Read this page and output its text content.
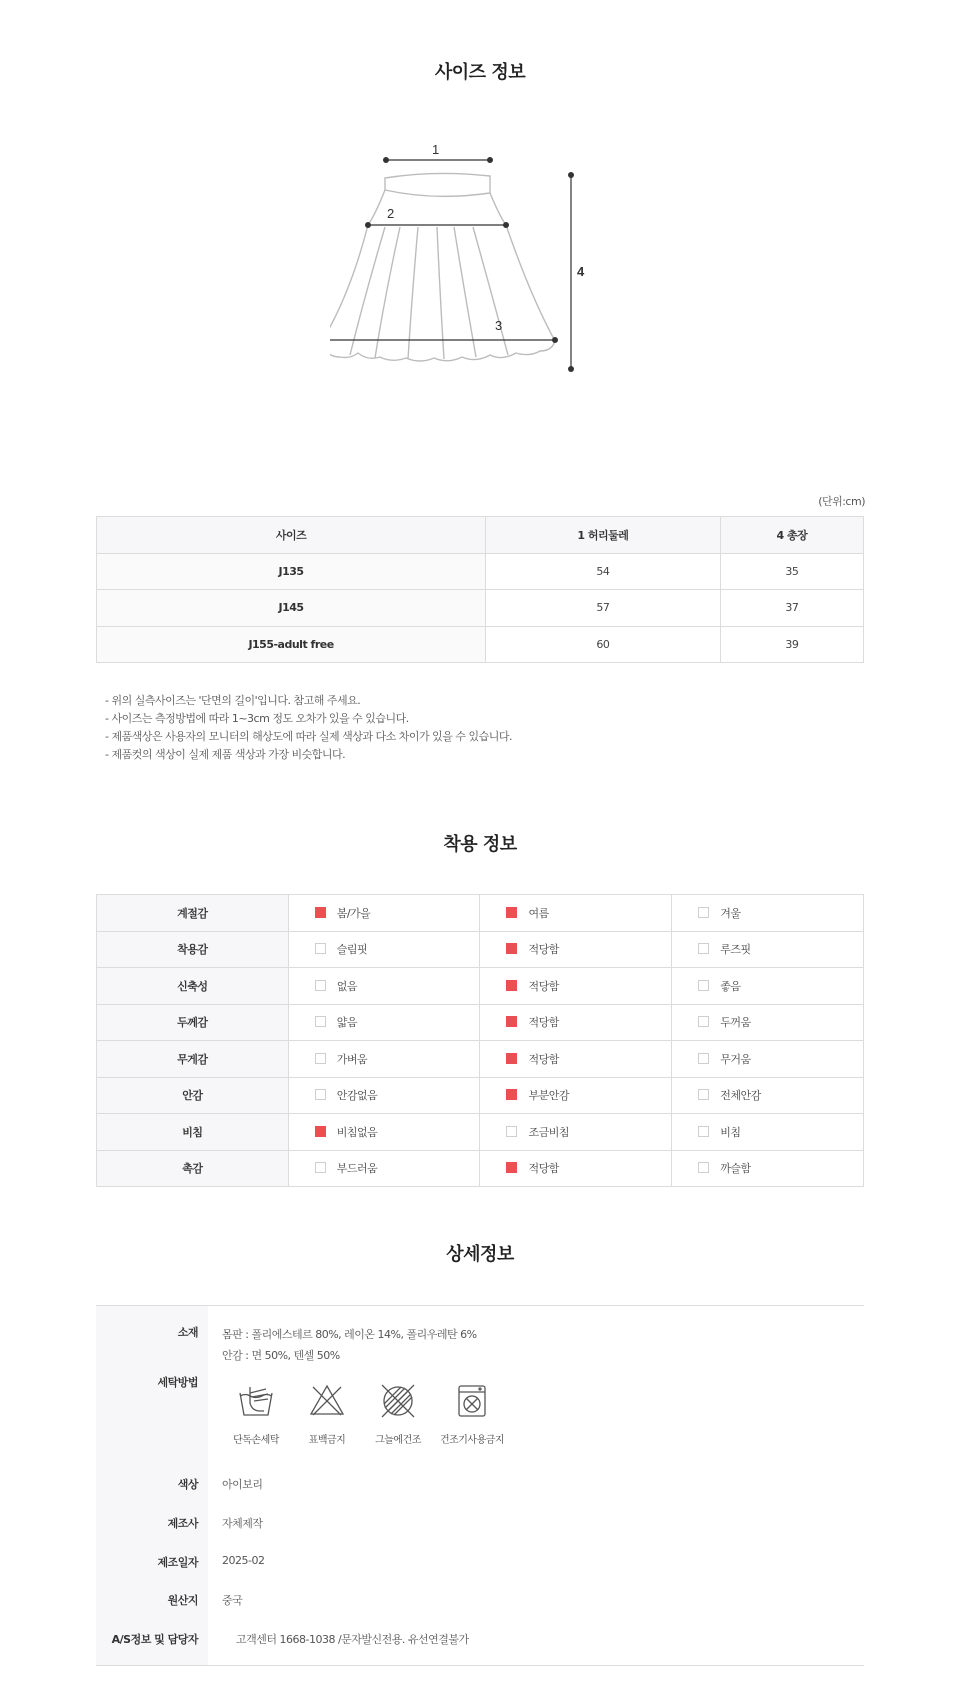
사이즈 정보
1
2
3
4
(단위:cm)
사이즈	1 허리둘레	4 총장
J135	54	35
J145	57	37
J155-adult free	60	39
- 위의 실측사이즈는 '단면의 길이'입니다. 참고해 주세요.
- 사이즈는 측정방법에 따라 1~3cm 정도 오차가 있을 수 있습니다.
- 제품색상은 사용자의 모니터의 해상도에 따라 실제 색상과 다소 차이가 있을 수 있습니다.
- 제품컷의 색상이 실제 제품 색상과 가장 비슷합니다.
착용 정보
계절감	봄/가을	여름	겨울
착용감	슬림핏	적당함	루즈핏
신축성	없음	적당함	좋음
두께감	얇음	적당함	두꺼움
무게감	가벼움	적당함	무거움
안감	안감없음	부분안감	전체안감
비침	비침없음	조금비침	비침
촉감	부드러움	적당함	까슬함
상세정보
소재 몸판 : 폴리에스테르 80%, 레이온 14%, 폴리우레탄 6%
안감 : 면 50%, 텐셀 50%
세탁방법
단독손세탁	표백금지	그늘에건조	건조기사용금지
색상 아이보리
제조사 자체제작
제조일자 2025-02
원산지 중국
A/S정보 및 담당자	고객센터 1668-1038 /문자발신전용. 유선연결불가
